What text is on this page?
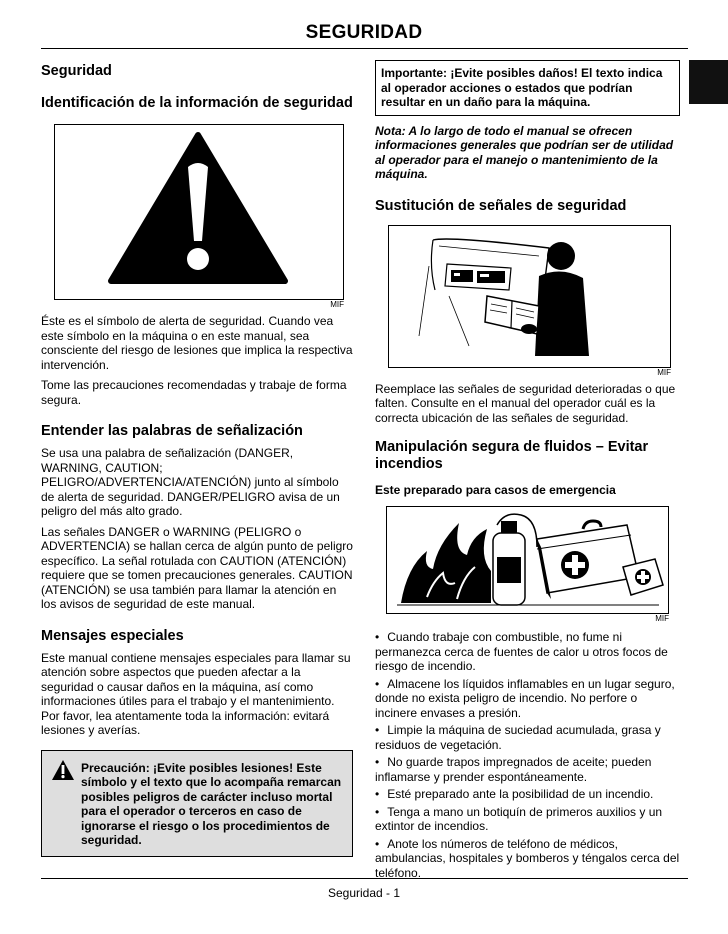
SEGURIDAD
Seguridad
Identificación de la información de seguridad
MIF
Éste es el símbolo de alerta de seguridad. Cuando vea este símbolo en la máquina o en este manual, sea consciente del riesgo de lesiones que implica la respectiva intervención.
Tome las precauciones recomendadas y trabaje de forma segura.
Entender las palabras de señalización
Se usa una palabra de señalización (DANGER, WARNING, CAUTION; PELIGRO/ADVERTENCIA/ATENCIÓN) junto al símbolo de alerta de seguridad. DANGER/PELIGRO avisa de un peligro del más alto grado.
Las señales DANGER o WARNING (PELIGRO o ADVERTENCIA) se hallan cerca de algún punto de peligro específico. La señal rotulada con CAUTION (ATENCIÓN) requiere que se tomen precauciones generales. CAUTION (ATENCIÓN) se usa también para llamar la atención en los avisos de seguridad de este manual.
Mensajes especiales
Este manual contiene mensajes especiales para llamar su atención sobre aspectos que pueden afectar a la seguridad o causar daños en la máquina, así como informaciones útiles para el trabajo y el mantenimiento. Por favor, lea atentamente toda la información: evitará lesiones y averías.
Precaución: ¡Evite posibles lesiones! Este símbolo y el texto que lo acompaña remarcan posibles peligros de carácter incluso mortal para el operador o terceros en caso de ignorarse el riesgo o los procedimientos de seguridad.
Importante: ¡Evite posibles daños! El texto indica al operador acciones o estados que podrían resultar en un daño para la máquina.
Nota: A lo largo de todo el manual se ofrecen informaciones generales que podrían ser de utilidad al operador para el manejo o mantenimiento de la máquina.
Sustitución de señales de seguridad
MIF
Reemplace las señales de seguridad deterioradas o que falten. Consulte en el manual del operador cuál es la correcta ubicación de las señales de seguridad.
Manipulación segura de fluidos – Evitar incendios
Este preparado para casos de emergencia
MIF
• Cuando trabaje con combustible, no fume ni permanezca cerca de fuentes de calor u otros focos de riesgo de incendio.
• Almacene los líquidos inflamables en un lugar seguro, donde no exista peligro de incendio. No perfore o incinere envases a presión.
• Limpie la máquina de suciedad acumulada, grasa y residuos de vegetación.
• No guarde trapos impregnados de aceite; pueden inflamarse y prender espontáneamente.
• Esté preparado ante la posibilidad de un incendio.
• Tenga a mano un botiquín de primeros auxilios y un extintor de incendios.
• Anote los números de teléfono de médicos, ambulancias, hospitales y bomberos y téngalos cerca del teléfono.
Seguridad - 1
